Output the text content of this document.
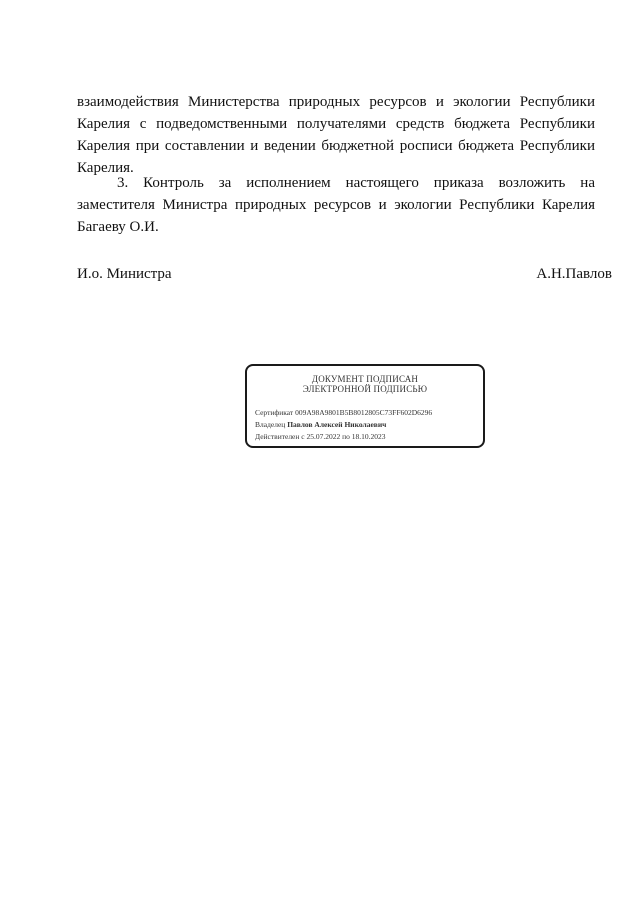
взаимодействия Министерства природных ресурсов и экологии Республики Карелия с подведомственными получателями средств бюджета Республики Карелия при составлении и ведении бюджетной росписи бюджета Республики Карелия.
3. Контроль за исполнением настоящего приказа возложить на заместителя Министра природных ресурсов и экологии Республики Карелия Багаеву О.И.
И.о. Министра	А.Н.Павлов
ДОКУМЕНТ ПОДПИСАН
ЭЛЕКТРОННОЙ ПОДПИСЬЮ
Сертификат 009A98A9801B5B8012805C73FF602D6296
Владелец Павлов Алексей Николаевич
Действителен с 25.07.2022 по 18.10.2023
